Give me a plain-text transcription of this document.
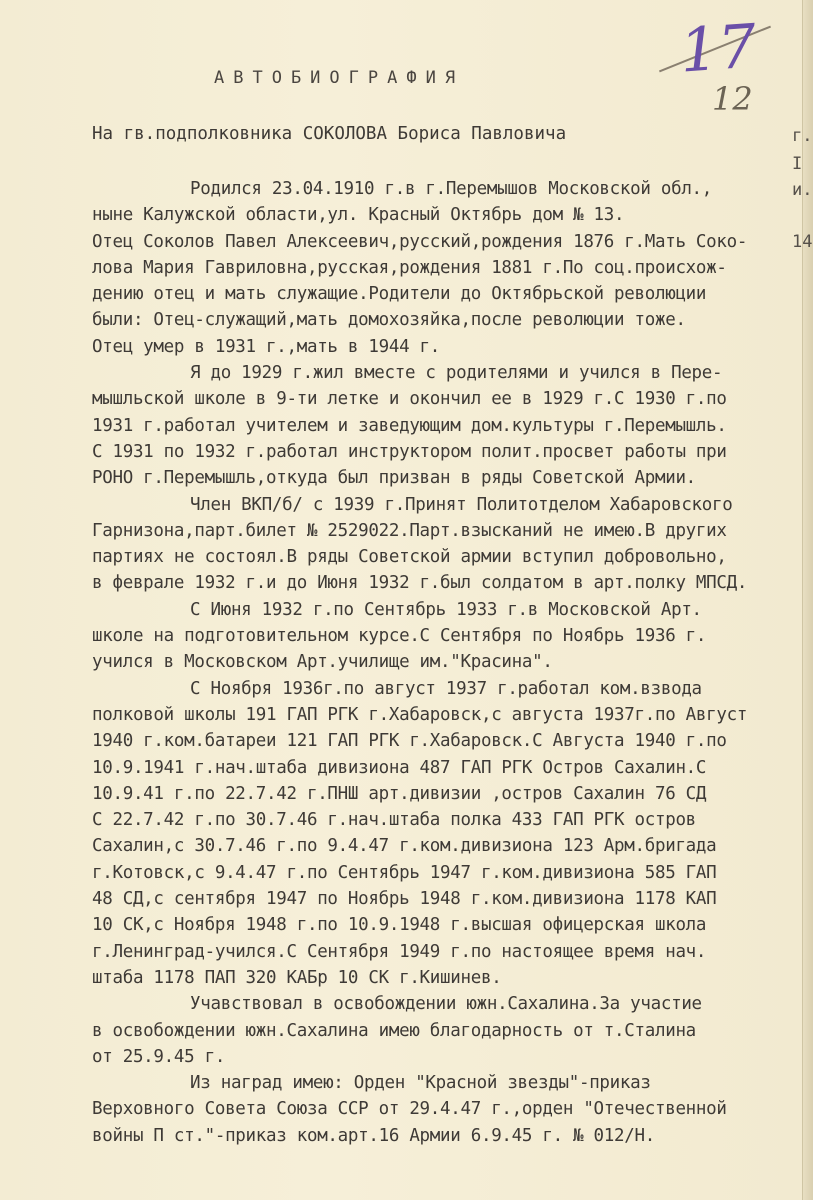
17
12
г.
I
и.
14
АВТОБИОГРАФИЯ
На гв.подполковника СОКОЛОВА Бориса Павловича
Родился 23.04.1910 г.в г.Перемышов Московской обл.,
ныне Калужской области,ул. Красный Октябрь дом № 13.
Отец Соколов Павел Алексеевич,русский,рождения 1876 г.Мать Соко-
лова Мария Гавриловна,русская,рождения 1881 г.По соц.происхож-
дению отец и мать служащие.Родители до Октябрьской революции
были: Отец-служащий,мать домохозяйка,после революции тоже.
Отец умер в 1931 г.,мать в 1944 г.
Я до 1929 г.жил вместе с родителями и учился в Пере-
мышльской школе в 9-ти летке и окончил ее в 1929 г.С 1930 г.по
1931 г.работал учителем и заведующим дом.культуры г.Перемышль.
С 1931 по 1932 г.работал инструктором полит.просвет работы при
РОНО г.Перемышль,откуда был призван в ряды Советской Армии.
Член ВКП/б/ с 1939 г.Принят Политотделом Хабаровского
Гарнизона,парт.билет № 2529022.Парт.взысканий не имею.В других
партиях не состоял.В ряды Советской армии вступил добровольно,
в феврале 1932 г.и до Июня 1932 г.был солдатом в арт.полку МПСД.
С Июня 1932 г.по Сентябрь 1933 г.в Московской Арт.
школе на подготовительном курсе.С Сентября по Ноябрь 1936 г.
учился в Московском Арт.училище им."Красина".
С Ноября 1936г.по август 1937 г.работал ком.взвода
полковой школы 191 ГАП РГК г.Хабаровск,с августа 1937г.по Август
1940 г.ком.батареи 121 ГАП РГК г.Хабаровск.С Августа 1940 г.по
10.9.1941 г.нач.штаба дивизиона 487 ГАП РГК Остров Сахалин.С
10.9.41 г.по 22.7.42 г.ПНШ арт.дивизии ,остров Сахалин 76 СД
С 22.7.42 г.по 30.7.46 г.нач.штаба полка 433 ГАП РГК остров
Сахалин,с 30.7.46 г.по 9.4.47 г.ком.дивизиона 123 Арм.бригада
г.Котовск,с 9.4.47 г.по Сентябрь 1947 г.ком.дивизиона 585 ГАП
48 СД,с сентября 1947 по Ноябрь 1948 г.ком.дивизиона 1178 КАП
10 СК,с Ноября 1948 г.по 10.9.1948 г.высшая офицерская школа
г.Ленинград-учился.С Сентября 1949 г.по настоящее время нач.
штаба 1178 ПАП 320 КАБр 10 СК г.Кишинев.
Учавствовал в освобождении южн.Сахалина.За участие
в освобождении южн.Сахалина имею благодарность от т.Сталина
от 25.9.45 г.
Из наград имею: Орден "Красной звезды"-приказ
Верховного Совета Союза ССР от 29.4.47 г.,орден "Отечественной
войны П ст."-приказ ком.арт.16 Армии 6.9.45 г. № 012/Н.
